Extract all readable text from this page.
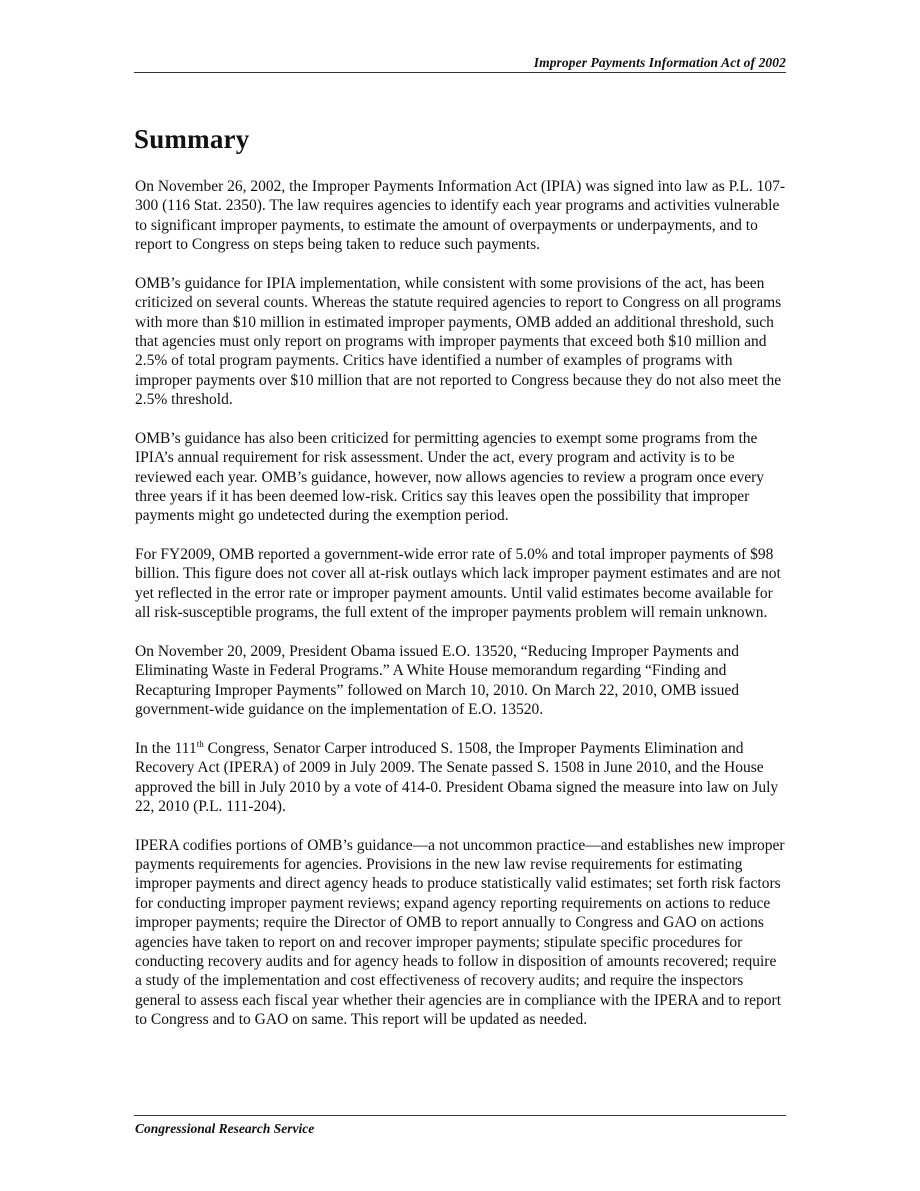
Improper Payments Information Act of 2002
Summary

On November 26, 2002, the Improper Payments Information Act (IPIA) was signed into law as P.L. 107-300 (116 Stat. 2350). The law requires agencies to identify each year programs and activities vulnerable to significant improper payments, to estimate the amount of overpayments or underpayments, and to report to Congress on steps being taken to reduce such payments.

OMB’s guidance for IPIA implementation, while consistent with some provisions of the act, has been criticized on several counts. Whereas the statute required agencies to report to Congress on all programs with more than $10 million in estimated improper payments, OMB added an additional threshold, such that agencies must only report on programs with improper payments that exceed both $10 million and 2.5% of total program payments. Critics have identified a number of examples of programs with improper payments over $10 million that are not reported to Congress because they do not also meet the 2.5% threshold.

OMB’s guidance has also been criticized for permitting agencies to exempt some programs from the IPIA’s annual requirement for risk assessment. Under the act, every program and activity is to be reviewed each year. OMB’s guidance, however, now allows agencies to review a program once every three years if it has been deemed low-risk. Critics say this leaves open the possibility that improper payments might go undetected during the exemption period.

For FY2009, OMB reported a government-wide error rate of 5.0% and total improper payments of $98 billion. This figure does not cover all at-risk outlays which lack improper payment estimates and are not yet reflected in the error rate or improper payment amounts. Until valid estimates become available for all risk-susceptible programs, the full extent of the improper payments problem will remain unknown.

On November 20, 2009, President Obama issued E.O. 13520, “Reducing Improper Payments and Eliminating Waste in Federal Programs.” A White House memorandum regarding “Finding and Recapturing Improper Payments” followed on March 10, 2010. On March 22, 2010, OMB issued government-wide guidance on the implementation of E.O. 13520.

In the 111th Congress, Senator Carper introduced S. 1508, the Improper Payments Elimination and Recovery Act (IPERA) of 2009 in July 2009. The Senate passed S. 1508 in June 2010, and the House approved the bill in July 2010 by a vote of 414-0. President Obama signed the measure into law on July 22, 2010 (P.L. 111-204).

IPERA codifies portions of OMB’s guidance—a not uncommon practice—and establishes new improper payments requirements for agencies. Provisions in the new law revise requirements for estimating improper payments and direct agency heads to produce statistically valid estimates; set forth risk factors for conducting improper payment reviews; expand agency reporting requirements on actions to reduce improper payments; require the Director of OMB to report annually to Congress and GAO on actions agencies have taken to report on and recover improper payments; stipulate specific procedures for conducting recovery audits and for agency heads to follow in disposition of amounts recovered; require a study of the implementation and cost effectiveness of recovery audits; and require the inspectors general to assess each fiscal year whether their agencies are in compliance with the IPERA and to report to Congress and to GAO on same. This report will be updated as needed.

Congressional Research Service
